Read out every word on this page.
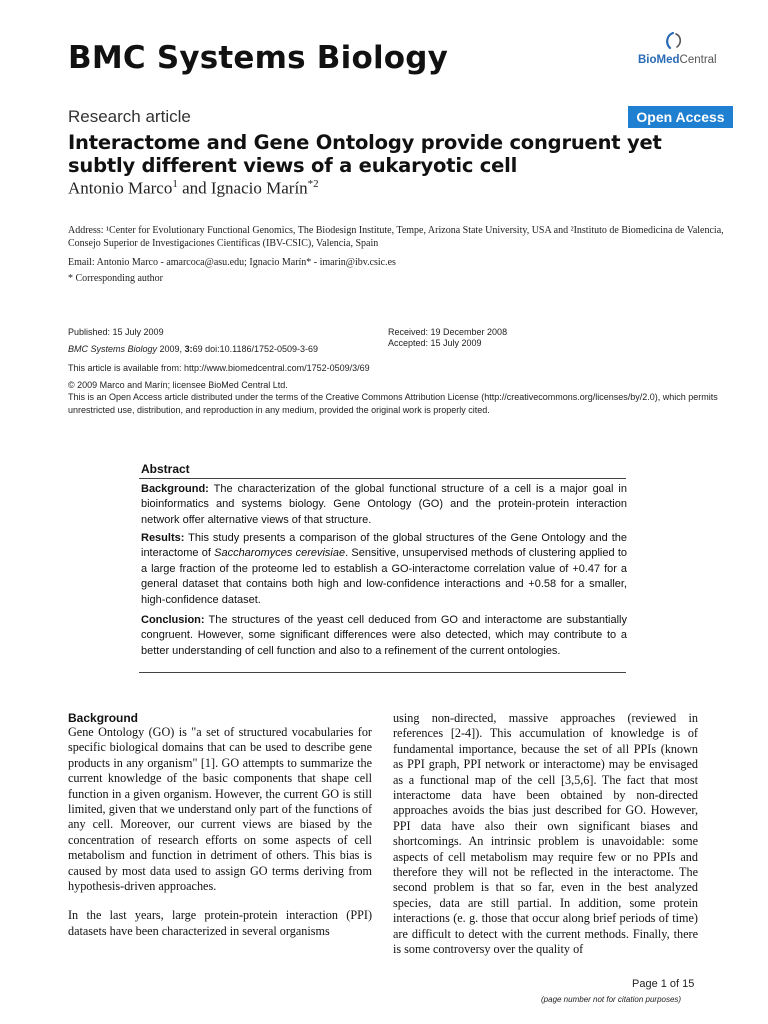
BMC Systems Biology	BioMedCentral
Research article	Open Access
Interactome and Gene Ontology provide congruent yet subtly different views of a eukaryotic cell
Antonio Marco$^1$ and Ignacio Marín$^{*2}$
Address: ¹Center for Evolutionary Functional Genomics, The Biodesign Institute, Tempe, Arizona State University, USA and ²Instituto de Biomedicina de Valencia, Consejo Superior de Investigaciones Científicas (IBV-CSIC), Valencia, Spain
Email: Antonio Marco - amarcoca@asu.edu; Ignacio Marín* - imarin@ibv.csic.es
* Corresponding author
Published: 15 July 2009
BMC Systems Biology 2009, 3:69 doi:10.1186/1752-0509-3-69
Received: 19 December 2008
Accepted: 15 July 2009
This article is available from: http://www.biomedcentral.com/1752-0509/3/69
© 2009 Marco and Marín; licensee BioMed Central Ltd.
This is an Open Access article distributed under the terms of the Creative Commons Attribution License (http://creativecommons.org/licenses/by/2.0), which permits unrestricted use, distribution, and reproduction in any medium, provided the original work is properly cited.
Abstract
Background: The characterization of the global functional structure of a cell is a major goal in bioinformatics and systems biology. Gene Ontology (GO) and the protein-protein interaction network offer alternative views of that structure.
Results: This study presents a comparison of the global structures of the Gene Ontology and the interactome of Saccharomyces cerevisiae. Sensitive, unsupervised methods of clustering applied to a large fraction of the proteome led to establish a GO-interactome correlation value of +0.47 for a general dataset that contains both high and low-confidence interactions and +0.58 for a smaller, high-confidence dataset.
Conclusion: The structures of the yeast cell deduced from GO and interactome are substantially congruent. However, some significant differences were also detected, which may contribute to a better understanding of cell function and also to a refinement of the current ontologies.
Background

Gene Ontology (GO) is "a set of structured vocabularies for specific biological domains that can be used to describe gene products in any organism" [1]. GO attempts to summarize the current knowledge of the basic components that shape cell function in a given organism. However, the current GO is still limited, given that we understand only part of the functions of any cell. Moreover, our current views are biased by the concentration of research efforts on some aspects of cell metabolism and function in detriment of others. This bias is caused by most data used to assign GO terms deriving from hypothesis-driven approaches.

In the last years, large protein-protein interaction (PPI) datasets have been characterized in several organisms

using non-directed, massive approaches (reviewed in references [2-4]). This accumulation of knowledge is of fundamental importance, because the set of all PPIs (known as PPI graph, PPI network or interactome) may be envisaged as a functional map of the cell [3,5,6]. The fact that most interactome data have been obtained by non-directed approaches avoids the bias just described for GO. However, PPI data have also their own significant biases and shortcomings. An intrinsic problem is unavoidable: some aspects of cell metabolism may require few or no PPIs and therefore they will not be reflected in the interactome. The second problem is that so far, even in the best analyzed species, data are still partial. In addition, some protein interactions (e. g. those that occur along brief periods of time) are difficult to detect with the current methods. Finally, there is some controversy over the quality of

Page 1 of 15
(page number not for citation purposes)
